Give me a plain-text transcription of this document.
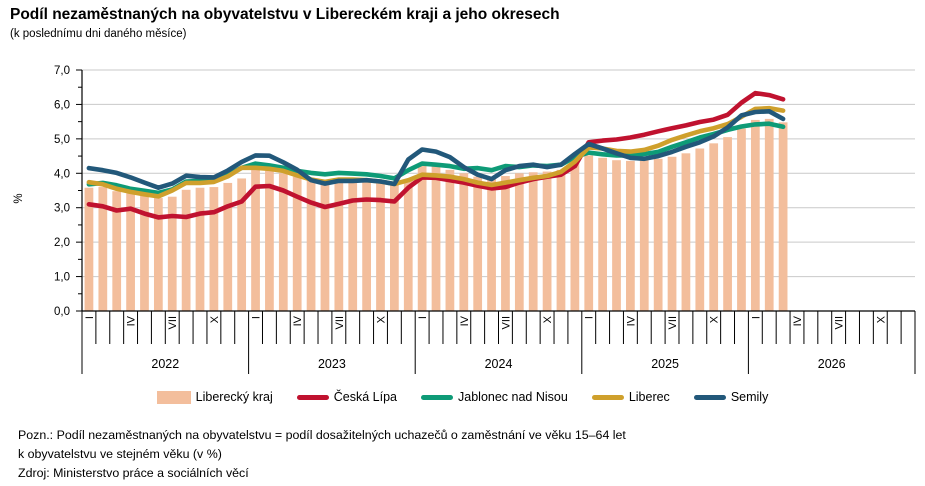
Podíl nezaměstnaných na obyvatelstvu v Libereckém kraji a jeho okresech
(k poslednímu dni daného měsíce)
0,0
1,0
2,0
3,0
4,0
5,0
6,0
7,0
%
I	IV	VII	X	I	IV	VII	X	I	IV	VII	X	I	IV	VII	X	I	IV	VII	X
2022	2023	2024	2025	2026
Liberecký kraj	Česká Lípa	Jablonec nad Nisou	Liberec	Semily
Pozn.: Podíl nezaměstnaných na obyvatelstvu = podíl dosažitelných uchazečů o zaměstnání ve věku 15–64 let
k obyvatelstvu ve stejném věku (v %)
Zdroj: Ministerstvo práce a sociálních věcí
